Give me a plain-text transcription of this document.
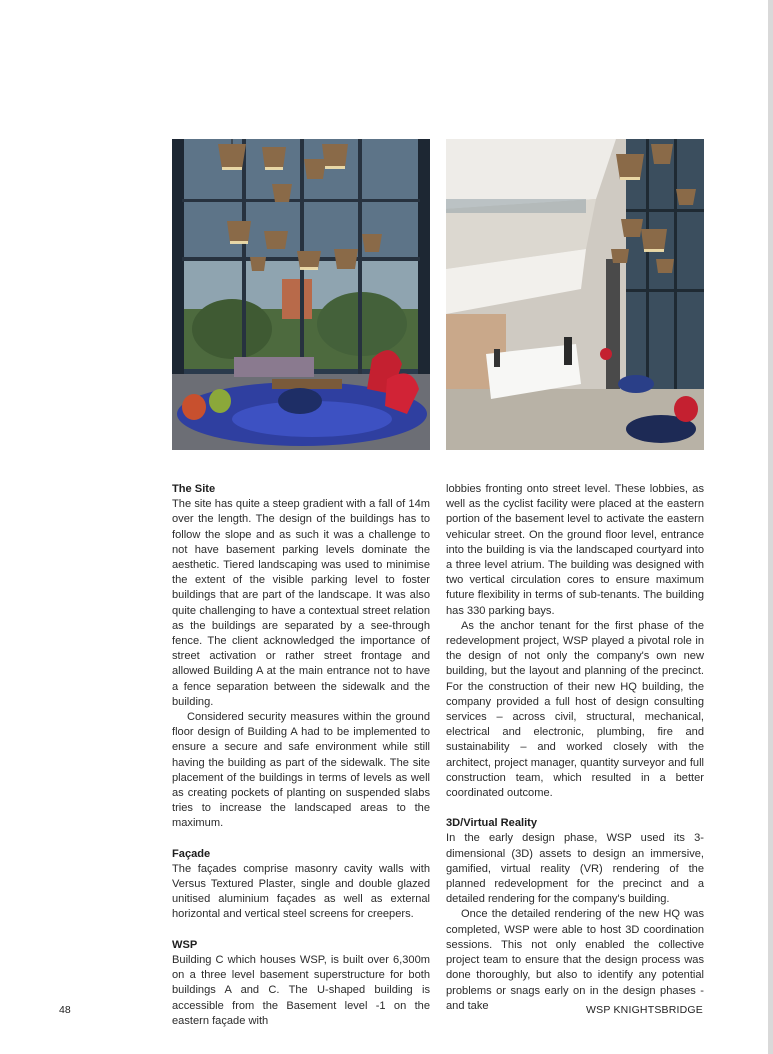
The Site

The site has quite a steep gradient with a fall of 14m over the length. The design of the buildings has to follow the slope and as such it was a challenge to not have basement parking levels dominate the aesthetic. Tiered landscaping was used to minimise the extent of the visible parking level to foster buildings that are part of the landscape. It was also quite challenging to have a contextual street relation as the buildings are separated by a see-through fence. The client acknowledged the importance of street activation or rather street frontage and allowed Building A at the main entrance not to have a fence separation between the sidewalk and the building.

Considered security measures within the ground floor design of Building A had to be implemented to ensure a secure and safe environment while still having the building as part of the sidewalk. The site placement of the buildings in terms of levels as well as creating pockets of planting on suspended slabs tries to increase the landscaped areas to the maximum.

Façade

The façades comprise masonry cavity walls with Versus Textured Plaster, single and double glazed unitised aluminium façades as well as external horizontal and vertical steel screens for creepers.

WSP

Building C which houses WSP, is built over 6,300m on a three level basement superstructure for both buildings A and C. The U-shaped building is accessible from the Basement level -1 on the eastern façade with

lobbies fronting onto street level. These lobbies, as well as the cyclist facility were placed at the eastern portion of the basement level to activate the eastern vehicular street. On the ground floor level, entrance into the building is via the landscaped courtyard into a three level atrium. The building was designed with two vertical circulation cores to ensure maximum future flexibility in terms of sub-tenants. The building has 330 parking bays.

As the anchor tenant for the first phase of the redevelopment project, WSP played a pivotal role in the design of not only the company's own new building, but the layout and planning of the precinct. For the construction of their new HQ building, the company provided a full host of design consulting services – across civil, structural, mechanical, electrical and electronic, plumbing, fire and sustainability – and worked closely with the architect, project manager, quantity surveyor and full construction team, which resulted in a better coordinated outcome.

3D/Virtual Reality

In the early design phase, WSP used its 3-dimensional (3D) assets to design an immersive, gamified, virtual reality (VR) rendering of the planned redevelopment for the precinct and a detailed rendering for the company's building.

Once the detailed rendering of the new HQ was completed, WSP were able to host 3D coordination sessions. This not only enabled the collective project team to ensure that the design process was done thoroughly, but also to identify any potential problems or snags early on in the design phases - and take

48	WSP KNIGHTSBRIDGE
